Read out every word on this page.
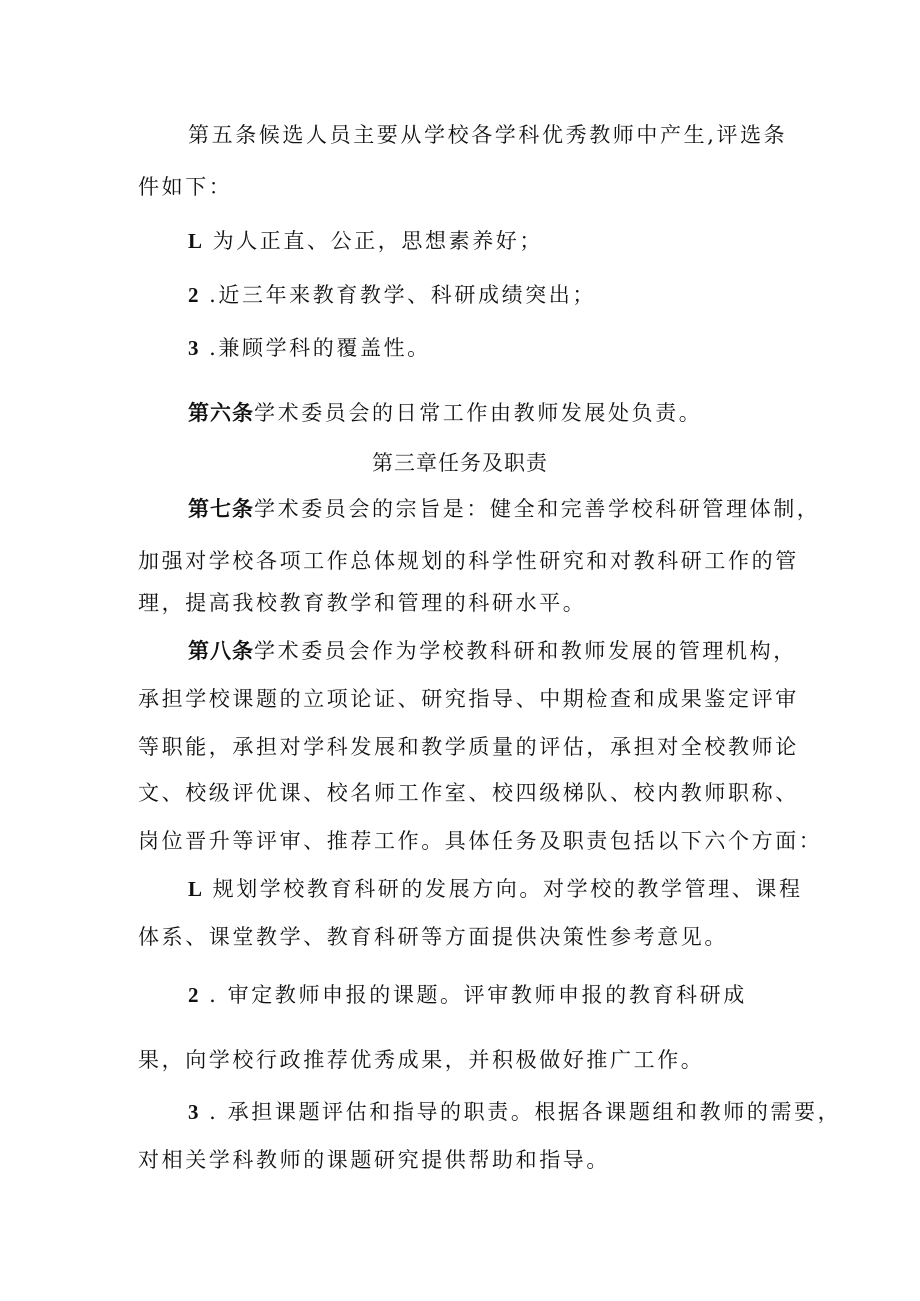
第五条候选人员主要从学校各学科优秀教师中产生,评选条
件如下：
L 为人正直、公正，思想素养好；
2 .近三年来教育教学、科研成绩突出；
3 .兼顾学科的覆盖性。
第六条学术委员会的日常工作由教师发展处负责。
第三章任务及职责
第七条学术委员会的宗旨是：健全和完善学校科研管理体制，
加强对学校各项工作总体规划的科学性研究和对教科研工作的管
理，提高我校教育教学和管理的科研水平。
第八条学术委员会作为学校教科研和教师发展的管理机构，
承担学校课题的立项论证、研究指导、中期检查和成果鉴定评审
等职能，承担对学科发展和教学质量的评估，承担对全校教师论
文、校级评优课、校名师工作室、校四级梯队、校内教师职称、
岗位晋升等评审、推荐工作。具体任务及职责包括以下六个方面：
L 规划学校教育科研的发展方向。对学校的教学管理、课程
体系、课堂教学、教育科研等方面提供决策性参考意见。
2 . 审定教师申报的课题。评审教师申报的教育科研成
果，向学校行政推荐优秀成果，并积极做好推广工作。
3 . 承担课题评估和指导的职责。根据各课题组和教师的需要，
对相关学科教师的课题研究提供帮助和指导。
